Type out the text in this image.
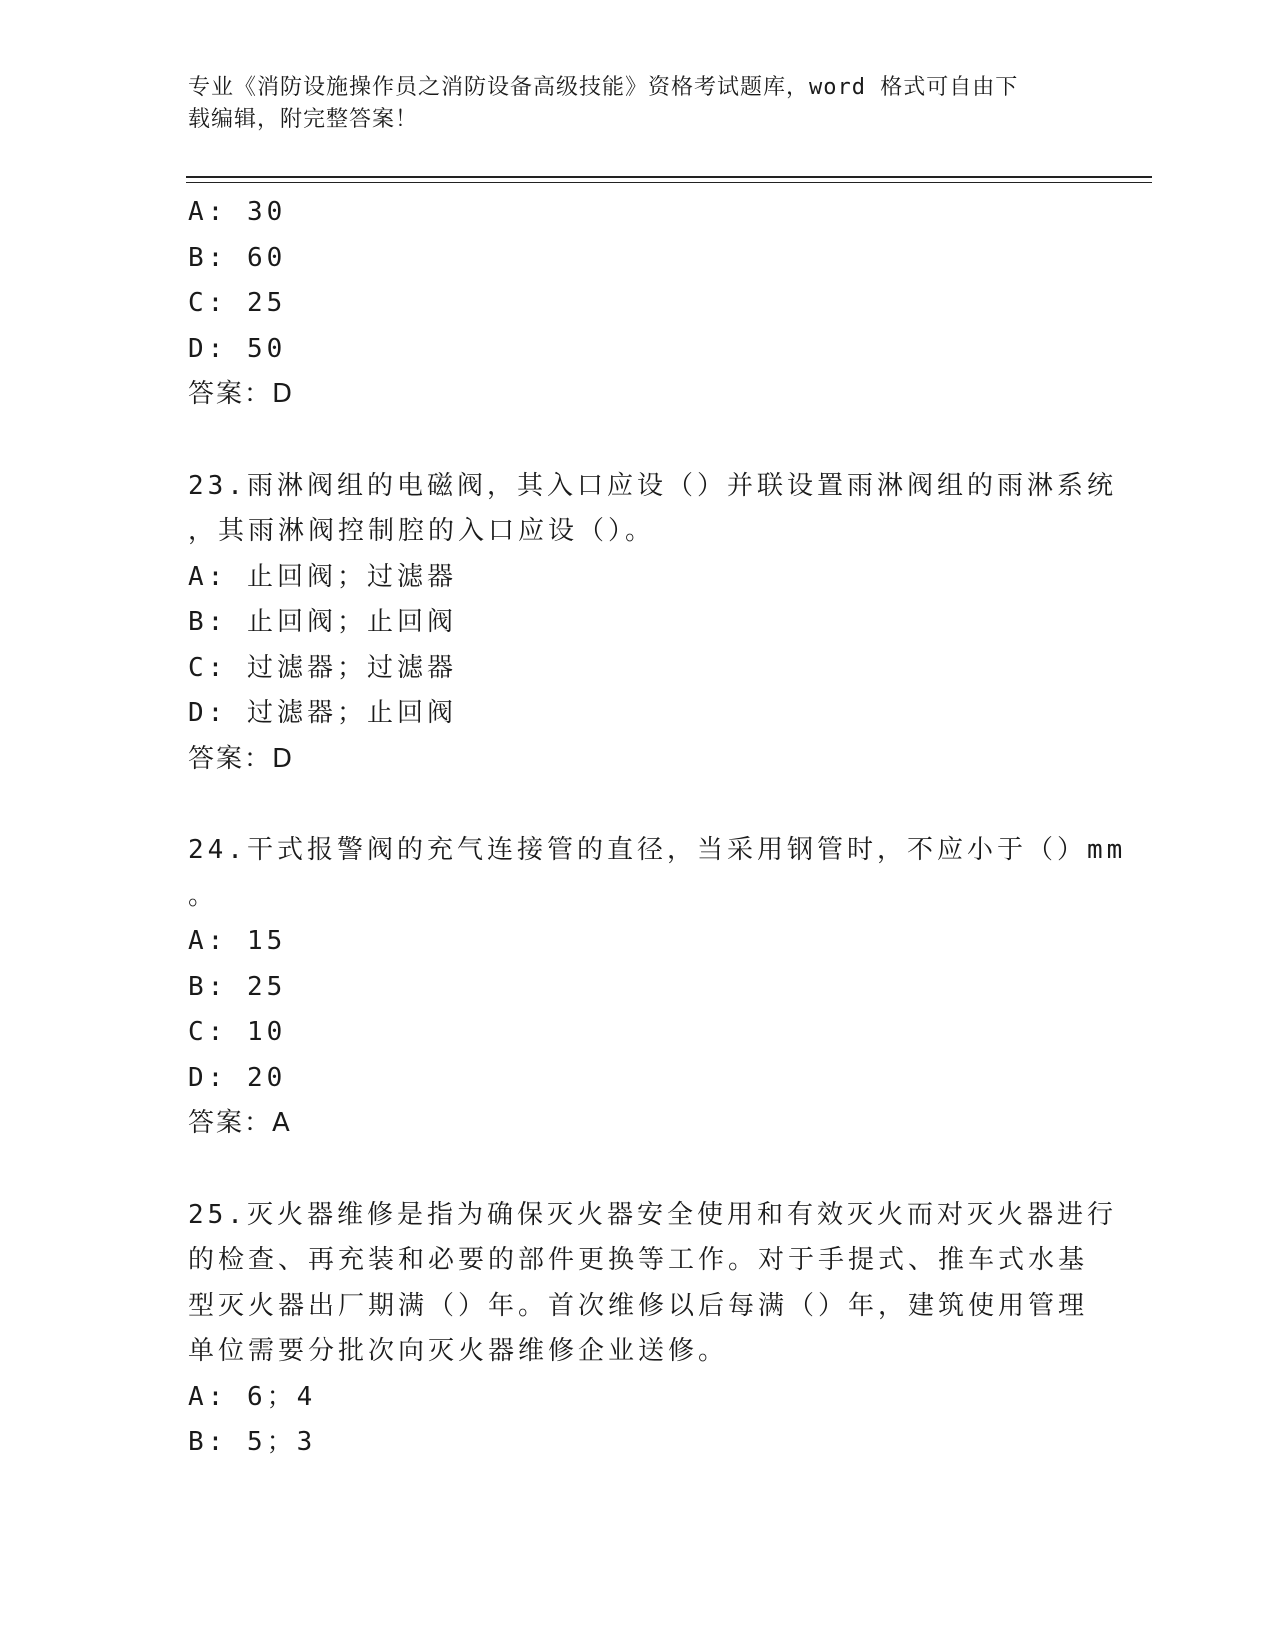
专业《消防设施操作员之消防设备高级技能》资格考试题库，word 格式可自由下
载编辑，附完整答案！
A: 30
B: 60
C: 25
D: 50
答案：D
23.雨淋阀组的电磁阀，其入口应设（）并联设置雨淋阀组的雨淋系统
，其雨淋阀控制腔的入口应设（）。
A: 止回阀；过滤器
B: 止回阀；止回阀
C: 过滤器；过滤器
D: 过滤器；止回阀
答案：D
24.干式报警阀的充气连接管的直径，当采用钢管时，不应小于（）mm
。
A: 15
B: 25
C: 10
D: 20
答案：A
25.灭火器维修是指为确保灭火器安全使用和有效灭火而对灭火器进行
的检查、再充装和必要的部件更换等工作。对于手提式、推车式水基
型灭火器出厂期满（）年。首次维修以后每满（）年，建筑使用管理
单位需要分批次向灭火器维修企业送修。
A: 6；4
B: 5；3
